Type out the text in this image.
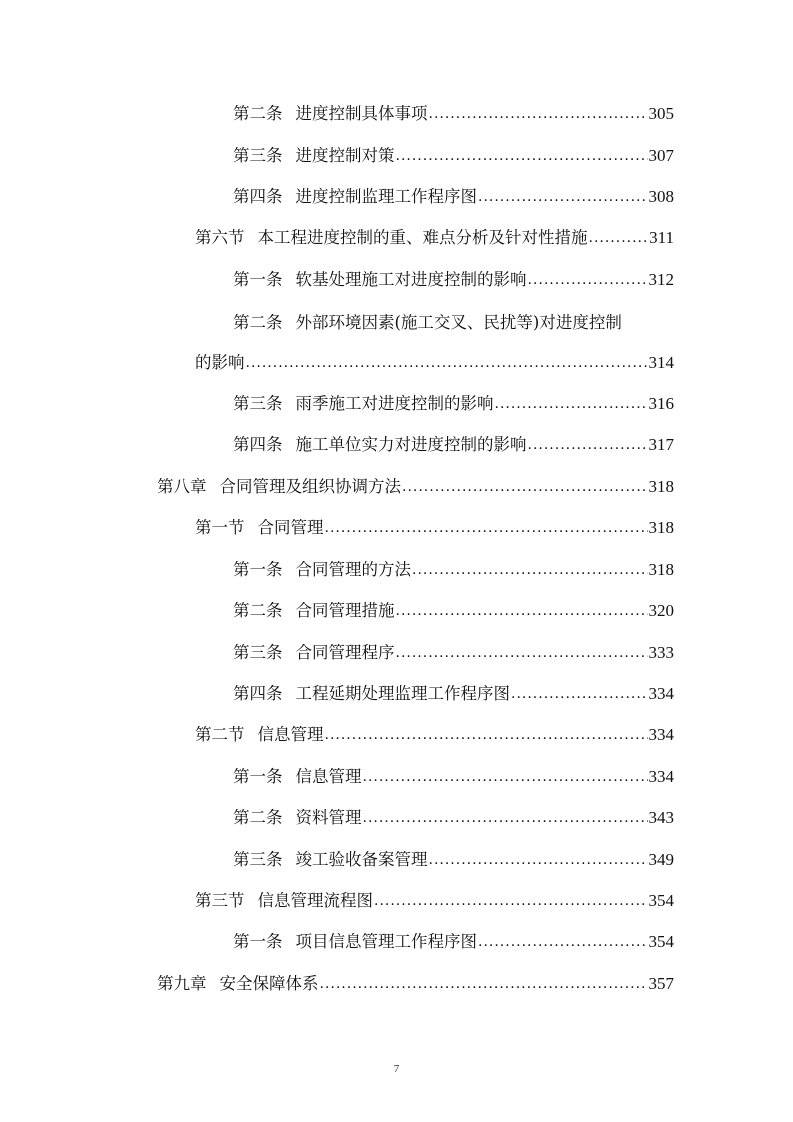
第二条 进度控制具体事项 .....	305
第三条 进度控制对策 .....	307
第四条 进度控制监理工作程序图 .....	308
第六节 本工程进度控制的重、难点分析及针对性措施 .....	311
第一条 软基处理施工对进度控制的影响 .....	312
第二条 外部环境因素(施工交叉、民扰等)对进度控制
的影响 .....	314
第三条 雨季施工对进度控制的影响 .....	316
第四条 施工单位实力对进度控制的影响 .....	317
第八章 合同管理及组织协调方法 .....	318
第一节 合同管理 .....	318
第一条 合同管理的方法 .....	318
第二条 合同管理措施 .....	320
第三条 合同管理程序 .....	333
第四条 工程延期处理监理工作程序图 .....	334
第二节 信息管理 .....	334
第一条 信息管理 .....	334
第二条 资料管理 .....	343
第三条 竣工验收备案管理 .....	349
第三节 信息管理流程图 .....	354
第一条 项目信息管理工作程序图 .....	354
第九章 安全保障体系 .....	357
7
